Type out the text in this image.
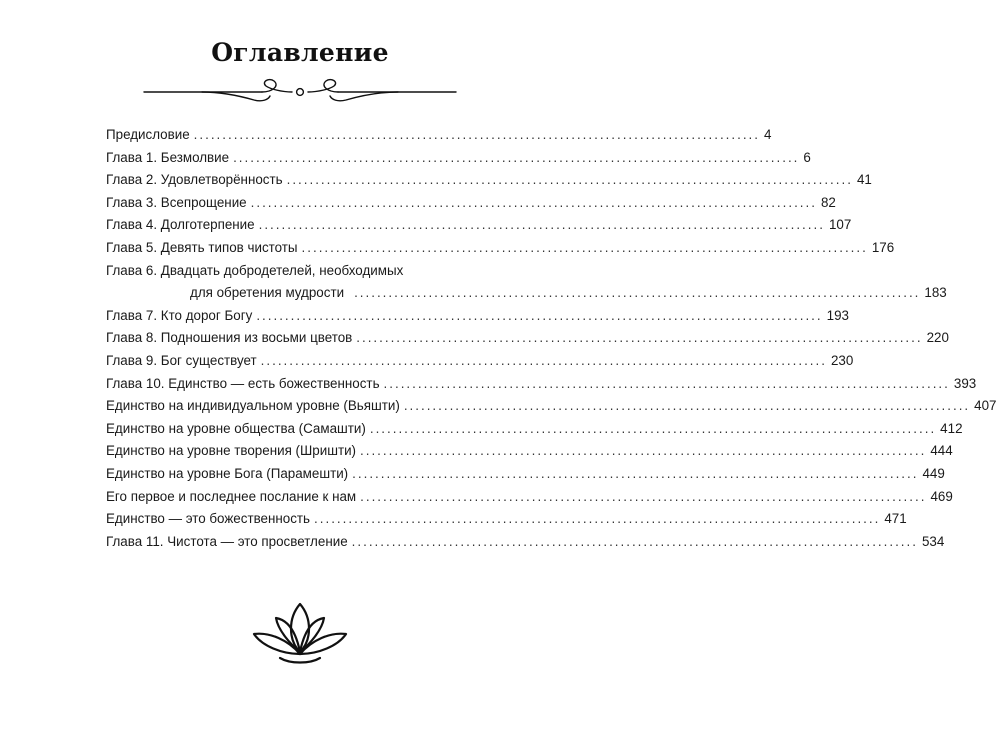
Оглавление
Предисловие ................................................................................................... 4
Глава 1. Безмолвие ................................................................................................... 6
Глава 2. Удовлетворённость ................................................................................................... 41
Глава 3. Всепрощение ................................................................................................... 82
Глава 4. Долготерпение ................................................................................................... 107
Глава 5. Девять типов чистоты ................................................................................................... 176
Глава 6. Двадцать добродетелей, необходимых
для обретения мудрости ................................................................................................... 183
Глава 7. Кто дорог Богу ................................................................................................... 193
Глава 8. Подношения из восьми цветов ................................................................................................... 220
Глава 9. Бог существует ................................................................................................... 230
Глава 10. Единство — есть божественность ................................................................................................... 393
Единство на индивидуальном уровне (Вьяшти) ................................................................................................... 407
Единство на уровне общества (Самашти) ................................................................................................... 412
Единство на уровне творения (Шришти) ................................................................................................... 444
Единство на уровне Бога (Парамешти) ................................................................................................... 449
Его первое и последнее послание к нам ................................................................................................... 469
Единство — это божественность ................................................................................................... 471
Глава 11. Чистота — это просветление ................................................................................................... 534
